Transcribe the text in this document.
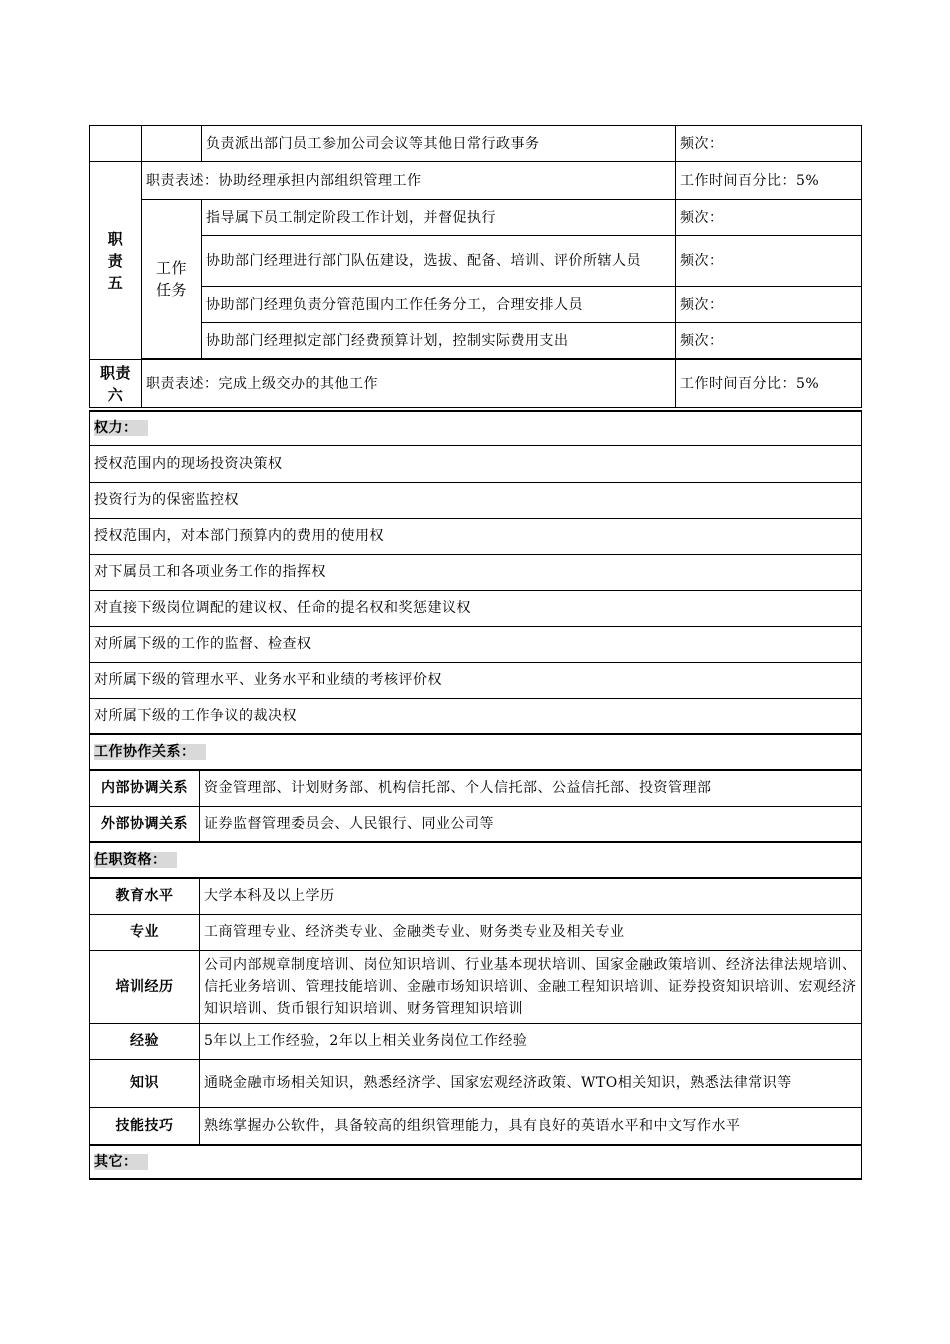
		负责派出部门员工参加公司会议等其他日常行政事务	频次：
职
责
五	职责表述：协助经理承担内部组织管理工作		工作时间百分比：5%
	工作
任务	指导属下员工制定阶段工作计划，并督促执行	频次：
		协助部门经理进行部门队伍建设，选拔、配备、培训、评价所辖人员	频次：
		协助部门经理负责分管范围内工作任务分工，合理安排人员	频次：
		协助部门经理拟定部门经费预算计划，控制实际费用支出	频次：

职责
六	职责表述：完成上级交办的其他工作		工作时间百分比：5%
权力：	
授权范围内的现场投资决策权	
投资行为的保密监控权	
授权范围内，对本部门预算内的费用的使用权	
对下属员工和各项业务工作的指挥权	
对直接下级岗位调配的建议权、任命的提名权和奖惩建议权	
对所属下级的工作的监督、检查权	
对所属下级的管理水平、业务水平和业绩的考核评价权	
对所属下级的工作争议的裁决权	
工作协作关系：	
内部协调关系	资金管理部、计划财务部、机构信托部、个人信托部、公益信托部、投资管理部
外部协调关系	证券监督管理委员会、人民银行、同业公司等
任职资格：	
教育水平	大学本科及以上学历
专业	工商管理专业、经济类专业、金融类专业、财务类专业及相关专业
培训经历	公司内部规章制度培训、岗位知识培训、行业基本现状培训、国家金融政策培训、经济法律法规培训、信托业务培训、管理技能培训、金融市场知识培训、金融工程知识培训、证券投资知识培训、宏观经济知识培训、货币银行知识培训、财务管理知识培训
经验	5年以上工作经验，2年以上相关业务岗位工作经验
知识	通晓金融市场相关知识，熟悉经济学、国家宏观经济政策、WTO相关知识，熟悉法律常识等
技能技巧	熟练掌握办公软件，具备较高的组织管理能力，具有良好的英语水平和中文写作水平
其它：	
